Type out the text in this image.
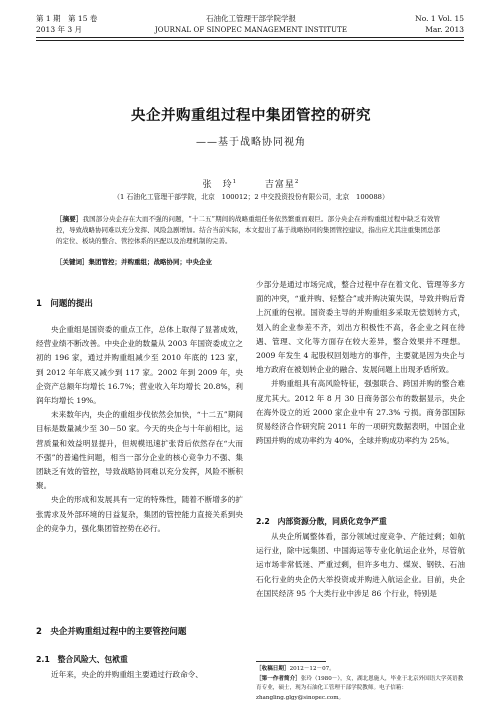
第 1 期　第 15 卷
2013 年 3 月
石油化工管理干部学院学报
JOURNAL OF SINOPEC MANAGEMENT INSTITUTE
No. 1 Vol. 15
Mar. 2013
央企并购重组过程中集团管控的研究
——基于战略协同视角
张　玲$^1$ 　　	吉富星$^2$
（1 石油化工管理干部学院，北京　100012；2 中交投资投份有限公司，北京　100088）
［摘要］我国部分央企存在大而不强的问题，“十二五”期间的战略重组任务依然繁重而艰巨。部分央企在并购重组过程中缺乏有效管控，导致战略协同难以充分发挥、风险急剧增加。结合当前实际，本文提出了基于战略协同的集团管控建议，指出应尤其注重集团总部的定位、板块的整合、管控体系的匹配以及治理机制的完善。
［关键词］集团管控；并购重组；战略协同；中央企业
1　问题的提出

央企重组是国资委的重点工作，总体上取得了显著成效，经营业绩不断改善。中央企业的数量从 2003 年国资委成立之初的 196 家，通过并购重组减少至 2010 年底的 123 家，到 2012 年年底又减少到 117 家。2002 年到 2009 年，央企资产总额年均增长 16.7%；营业收入年均增长 20.8%，利润年均增长 19%。

未来数年内，央企的重组步伐依然会加快，“十二五”期间目标是数量减少至 30－50 家。今天的央企与十年前相比，运营质量和效益明显提升，但规模迅速扩张背后依然存在“大而不强”的普遍性问题，相当一部分企业的核心竞争力不强、集团缺乏有效的管控，导致战略协同难以充分发挥，风险不断积聚。

央企的形成和发展具有一定的特殊性，随着不断增多的扩张需求及外部环境的日益复杂，集团的管控能力直接关系到央企的竞争力，强化集团管控势在必行。

2　央企并购重组过程中的主要管控问题
2.1　整合风险大、包袱重

近年来，央企的并购重组主要通过行政命令、

少部分是通过市场完成，整合过程中存在着文化、管理等多方面的冲突，“重并购、轻整合”或并购决策失误，导致并购后背上沉重的包袱。国资委主导的并购重组多采取无偿划转方式，划入的企业参差不齐，刘出方积极性不高，各企业之间在待遇、管理、文化等方面存在较大差异，整合效果并不理想。2009 年发生 4 起股权回划地方的事件，主要就是因为央企与地方政府在被划转企业的融合、发展问题上出现矛盾所致。

并购重组具有高风险特征，强强联合、跨国并购的整合难度尤其大。2012 年 8 月 30 日商务部公布的数据显示，央企在海外设立的近 2000 家企业中有 27.3% 亏损。商务部国际贸易经济合作研究院 2011 年的一项研究数据表明，中国企业跨国并购的成功率约为 40%，全球并购成功率约为 25%。

2.2　内部资源分散，同质化竞争严重

从央企所属整体看，部分领域过度竞争、产能过剩；如航运行业，除中远集团、中国海运等专业化航运企业外，尽管航运市场非常低迷、严重过剩，但许多电力、煤炭、钢铁、石油石化行业的央企仍大举投资或并购进入航运企业。目前，央企在国民经济 95 个大类行业中涉足 86 个行业，特别是

［收稿日期］2012－12－07。
［第一作者简介］张玲（1980－），女，湖北恩施人，毕业于北京外国语大学英语教育专业，硕士，现为石油化工管理干部学院教师。电子信箱：zhangling.glgy@sinopec.com。
